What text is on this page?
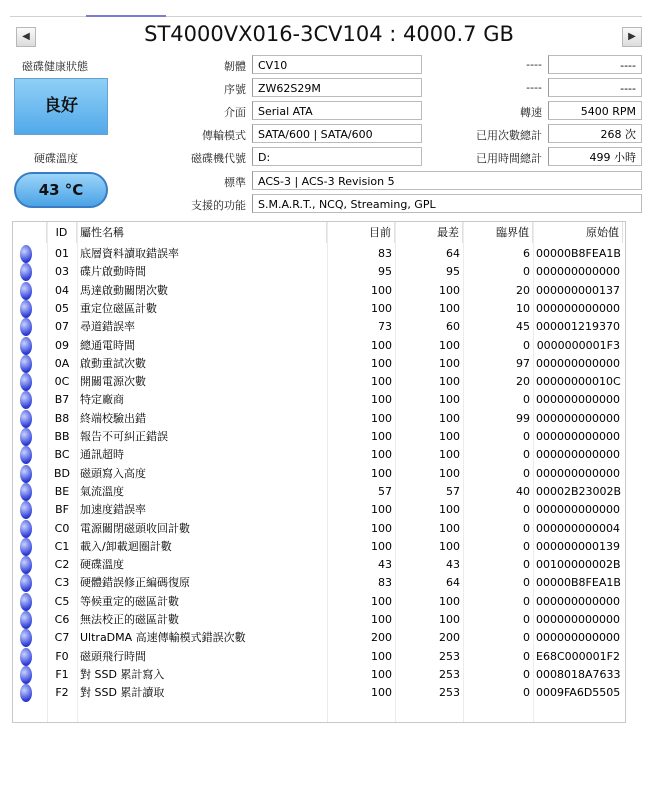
◀	ST4000VX016-3CV104 : 4000.7 GB	▶
磁碟健康狀態
良好
硬碟溫度
43 °C
韌體	CV10
序號	ZW62S29M
介面	Serial ATA
傳輸模式	SATA/600 | SATA/600
磁碟機代號	D:
標準	ACS-3 | ACS-3 Revision 5
支援的功能	S.M.A.R.T., NCQ, Streaming, GPL
----	----
----	----
轉速	5400 RPM
已用次數總計	268 次
已用時間總計	499 小時
ID	屬性名稱	目前	最差	臨界值	原始值
01	底層資料讀取錯誤率	83	64	6 00000B8FEA1B
03	碟片啟動時間	95	95	0 000000000000
04	馬達啟動關閉次數	100	100	20 000000000137
05	重定位磁區計數	100	100	10 000000000000
07	尋道錯誤率	73	60	45 000001219370
09	總通電時間	100	100	0 0000000001F3
0A 啟動重試次數	100	100	97 000000000000
0C 開關電源次數	100	100	20 00000000010C
B7 特定廠商	100	100	0 000000000000
B8 終端校驗出錯	100	100	99 000000000000
BB 報告不可糾正錯誤	100	100	0 000000000000
BC 通訊超時	100	100	0 000000000000
BD 磁頭寫入高度	100	100	0 000000000000
BE 氣流溫度	57	57	40 00002B23002B
BF	加速度錯誤率	100	100	0 000000000000
C0 電源關閉磁頭收回計數	100	100	0 000000000004
C1 載入/卸載迴圈計數	100	100	0 000000000139
C2 硬碟溫度	43	43	0 00100000002B
C3 硬體錯誤修正編碼復原	83	64	0 00000B8FEA1B
C5 等候重定的磁區計數	100	100	0 000000000000
C6 無法校正的磁區計數	100	100	0 000000000000
C7 UltraDMA 高速傳輸模式錯誤次數	200	200	0 000000000000
F0	磁頭飛行時間	100	253	0 E68C000001F2
F1	對 SSD 累計寫入	100	253	0 0008018A7633
F2	對 SSD 累計讀取	100	253	0 0009FA6D5505
